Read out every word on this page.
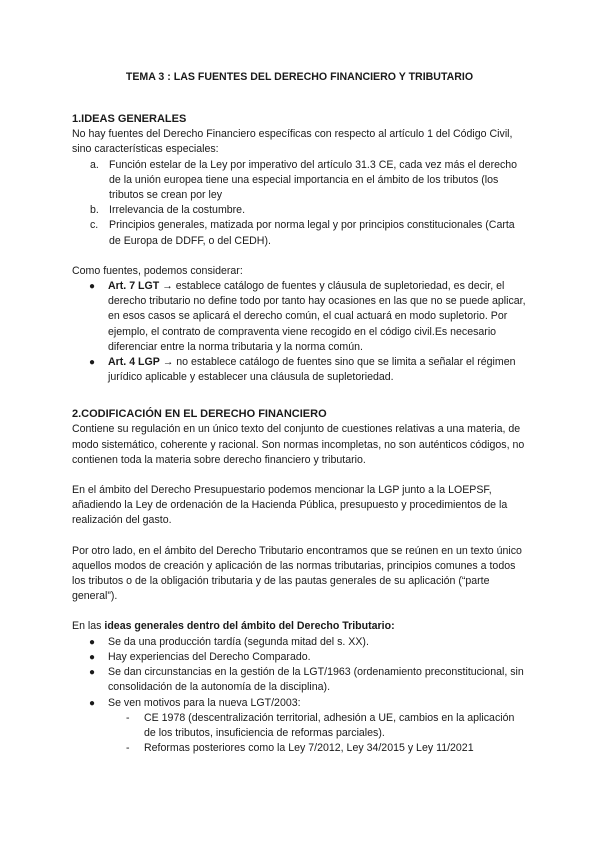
TEMA 3 : LAS FUENTES DEL DERECHO FINANCIERO Y TRIBUTARIO

1.IDEAS GENERALES

No hay fuentes del Derecho Financiero específicas con respecto al artículo 1 del Código Civil, sino características especiales:

a. Función estelar de la Ley por imperativo del artículo 31.3 CE, cada vez más el derecho de la unión europea tiene una especial importancia en el ámbito de los tributos (los tributos se crean por ley
b. Irrelevancia de la costumbre.
c. Principios generales, matizada por norma legal y por principios constitucionales (Carta de Europa de DDFF, o del CEDH).

Como fuentes, podemos considerar:

● Art. 7 LGT → establece catálogo de fuentes y cláusula de supletoriedad, es decir, el derecho tributario no define todo por tanto hay ocasiones en las que no se puede aplicar, en esos casos se aplicará el derecho común, el cual actuará en modo supletorio. Por ejemplo, el contrato de compraventa viene recogido en el código civil.Es necesario diferenciar entre la norma tributaria y la norma común.
● Art. 4 LGP → no establece catálogo de fuentes sino que se limita a señalar el régimen jurídico aplicable y establecer una cláusula de supletoriedad.
2.CODIFICACIÓN EN EL DERECHO FINANCIERO

Contiene su regulación en un único texto del conjunto de cuestiones relativas a una materia, de modo sistemático, coherente y racional. Son normas incompletas, no son auténticos códigos, no contienen toda la materia sobre derecho financiero y tributario.

En el ámbito del Derecho Presupuestario podemos mencionar la LGP junto a la LOEPSF, añadiendo la Ley de ordenación de la Hacienda Pública, presupuesto y procedimientos de la realización del gasto.

Por otro lado, en el ámbito del Derecho Tributario encontramos que se reúnen en un texto único aquellos modos de creación y aplicación de las normas tributarias, principios comunes a todos los tributos o de la obligación tributaria y de las pautas generales de su aplicación (“parte general”).

En las ideas generales dentro del ámbito del Derecho Tributario:

● Se da una producción tardía (segunda mitad del s. XX).
● Hay experiencias del Derecho Comparado.
● Se dan circunstancias en la gestión de la LGT/1963 (ordenamiento preconstitucional, sin consolidación de la autonomía de la disciplina).
● Se ven motivos para la nueva LGT/2003:
- CE 1978 (descentralización territorial, adhesión a UE, cambios en la aplicación de los tributos, insuficiencia de reformas parciales).
- Reformas posteriores como la Ley 7/2012, Ley 34/2015 y Ley 11/2021
